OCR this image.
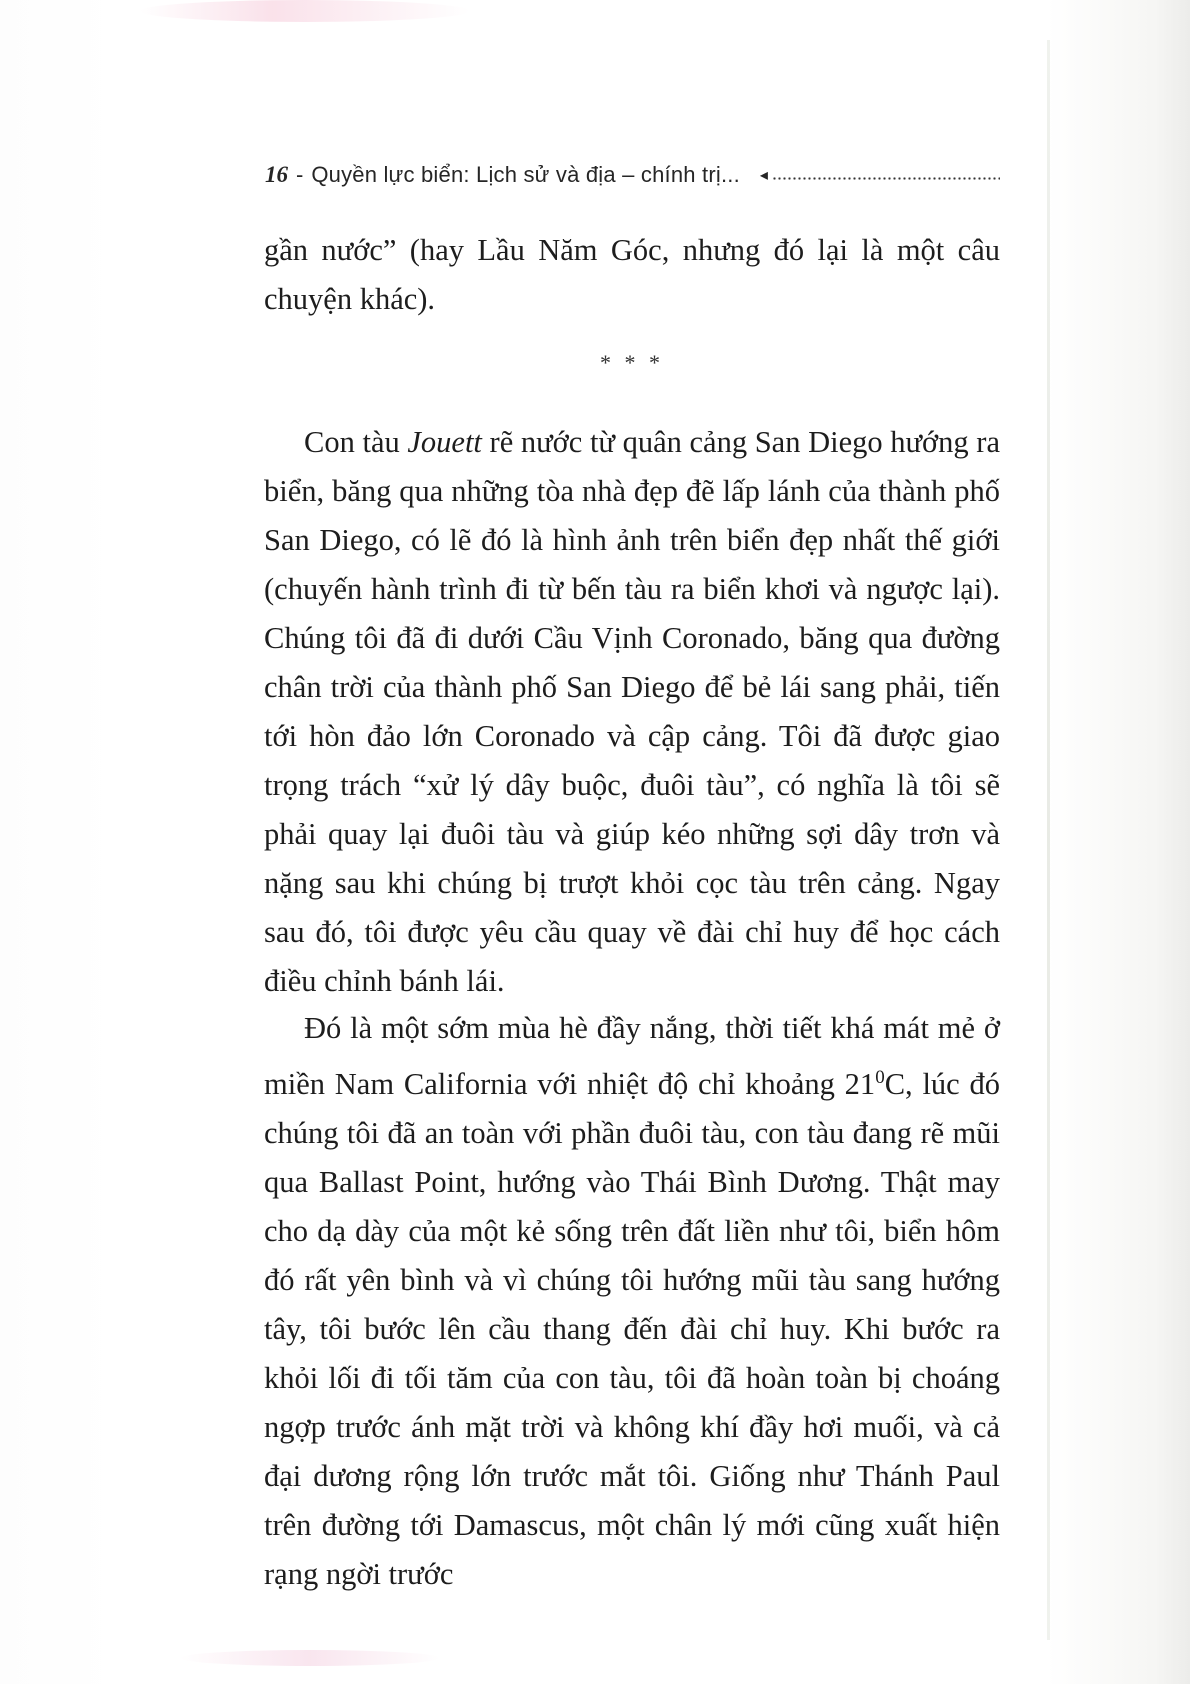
16 - Quyền lực biển: Lịch sử và địa – chính trị... ◂

gần nước” (hay Lầu Năm Góc, nhưng đó lại là một câu chuyện khác).

* * *

Con tàu Jouett rẽ nước từ quân cảng San Diego hướng ra biển, băng qua những tòa nhà đẹp đẽ lấp lánh của thành phố San Diego, có lẽ đó là hình ảnh trên biển đẹp nhất thế giới (chuyến hành trình đi từ bến tàu ra biển khơi và ngược lại). Chúng tôi đã đi dưới Cầu Vịnh Coronado, băng qua đường chân trời của thành phố San Diego để bẻ lái sang phải, tiến tới hòn đảo lớn Coronado và cập cảng. Tôi đã được giao trọng trách “xử lý dây buộc, đuôi tàu”, có nghĩa là tôi sẽ phải quay lại đuôi tàu và giúp kéo những sợi dây trơn và nặng sau khi chúng bị trượt khỏi cọc tàu trên cảng. Ngay sau đó, tôi được yêu cầu quay về đài chỉ huy để học cách điều chỉnh bánh lái.

Đó là một sớm mùa hè đầy nắng, thời tiết khá mát mẻ ở miền Nam California với nhiệt độ chỉ khoảng $21^0C$, lúc đó chúng tôi đã an toàn với phần đuôi tàu, con tàu đang rẽ mũi qua Ballast Point, hướng vào Thái Bình Dương. Thật may cho dạ dày của một kẻ sống trên đất liền như tôi, biển hôm đó rất yên bình và vì chúng tôi hướng mũi tàu sang hướng tây, tôi bước lên cầu thang đến đài chỉ huy. Khi bước ra khỏi lối đi tối tăm của con tàu, tôi đã hoàn toàn bị choáng ngợp trước ánh mặt trời và không khí đầy hơi muối, và cả đại dương rộng lớn trước mắt tôi. Giống như Thánh Paul trên đường tới Damascus, một chân lý mới cũng xuất hiện rạng ngời trước
